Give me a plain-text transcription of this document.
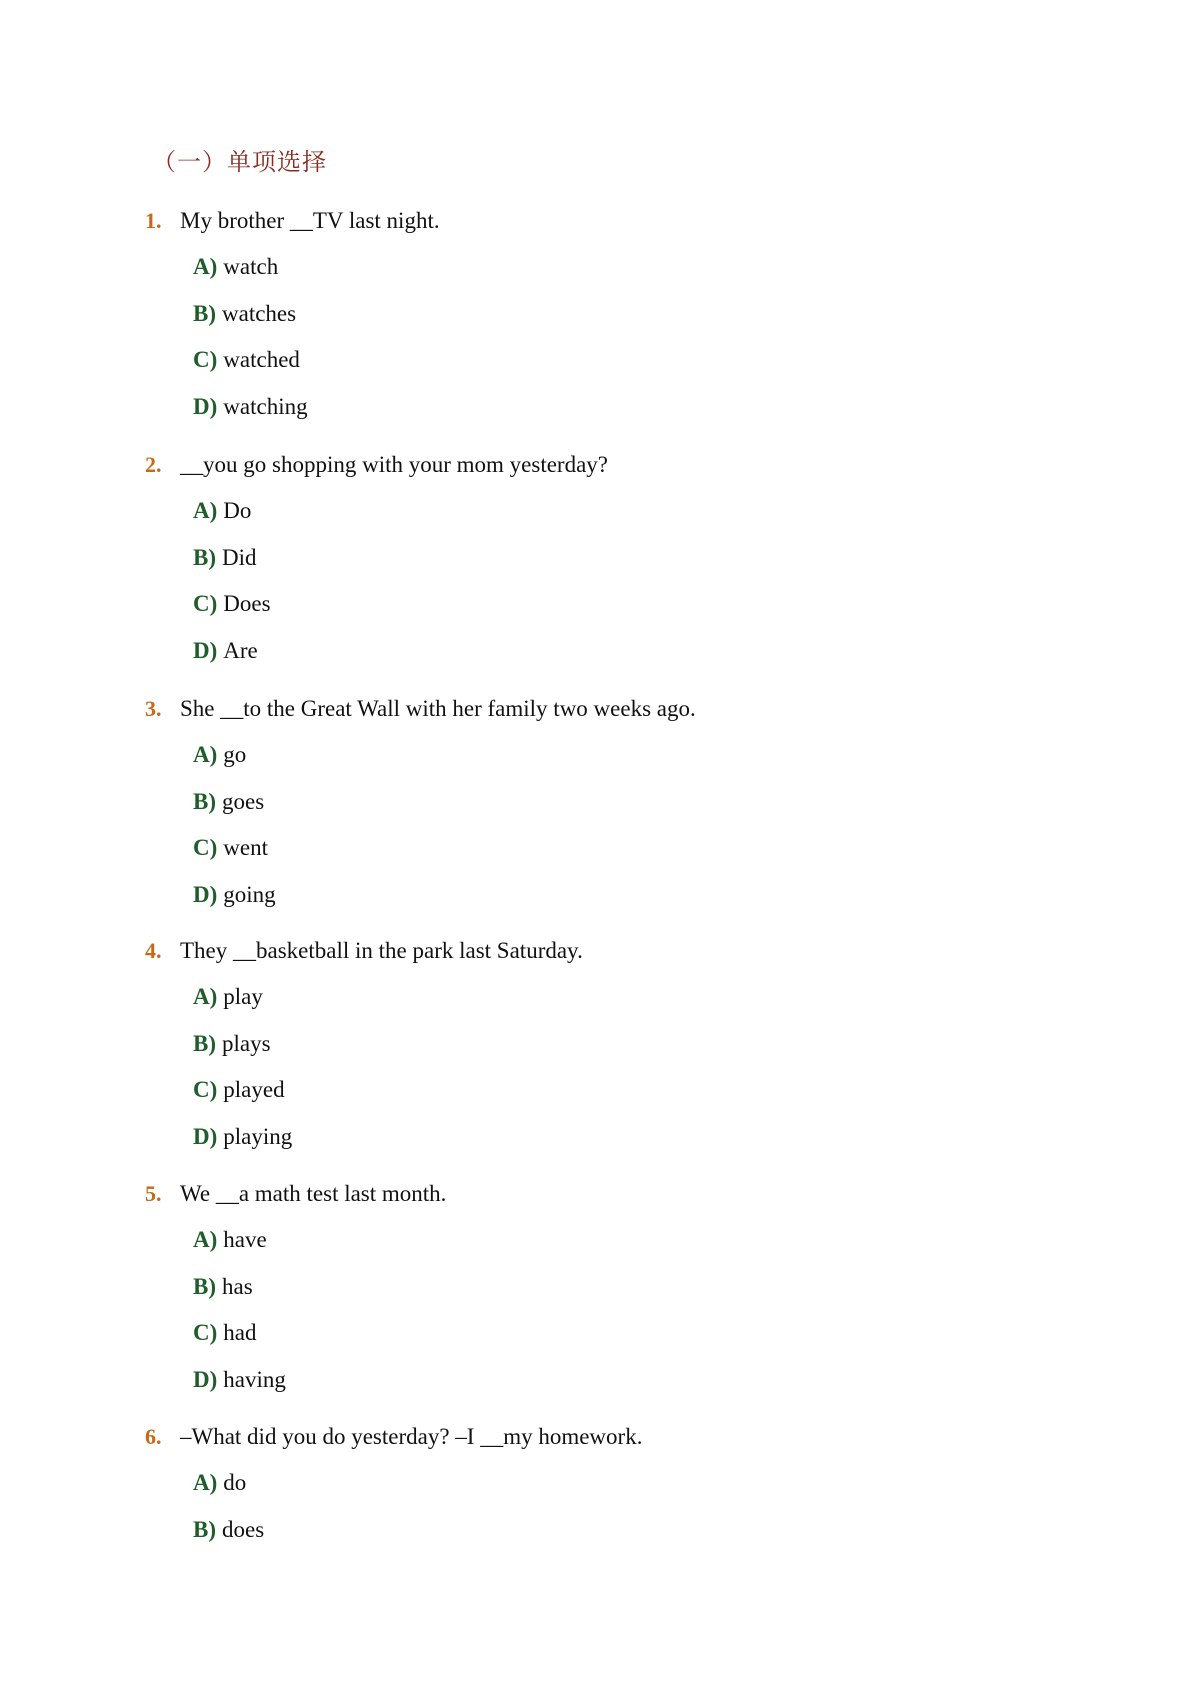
（一）单项选择
1. My brother __TV last night.
A) watch
B) watches
C) watched
D) watching
2. __you go shopping with your mom yesterday?
A) Do
B) Did
C) Does
D) Are
3. She __to the Great Wall with her family two weeks ago.
A) go
B) goes
C) went
D) going
4. They __basketball in the park last Saturday.
A) play
B) plays
C) played
D) playing
5. We __a math test last month.
A) have
B) has
C) had
D) having
6. –What did you do yesterday? –I __my homework.
A) do
B) does
